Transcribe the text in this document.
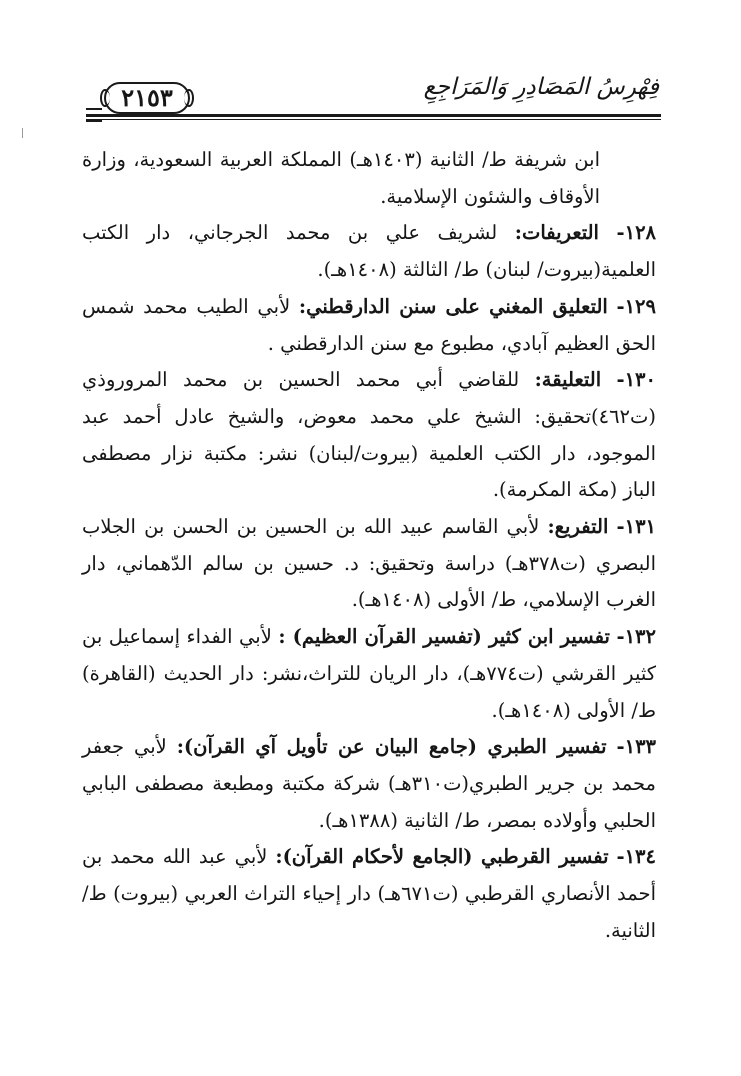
٢١٥٣	فِهْرِسُ المَصَادِرِ وَالمَرَاجِعِ

ابن شريفة ط/ الثانية (١٤٠٣هـ) المملكة العربية السعودية، وزارة الأوقاف والشئون الإسلامية.

١٢٨- التعريفات: لشريف علي بن محمد الجرجاني، دار الكتب العلمية(بيروت/ لبنان) ط/ الثالثة (١٤٠٨هـ).

١٢٩- التعليق المغني على سنن الدارقطني: لأبي الطيب محمد شمس الحق العظيم آبادي، مطبوع مع سنن الدارقطني .

١٣٠- التعليقة: للقاضي أبي محمد الحسين بن محمد المروروذي (ت٤٦٢)تحقيق: الشيخ علي محمد معوض، والشيخ عادل أحمد عبد الموجود، دار الكتب العلمية (بيروت/لبنان) نشر: مكتبة نزار مصطفى الباز (مكة المكرمة).

١٣١- التفريع: لأبي القاسم عبيد الله بن الحسين بن الحسن بن الجلاب البصري (ت٣٧٨هـ) دراسة وتحقيق: د. حسين بن سالم الدّهماني، دار الغرب الإسلامي، ط/ الأولى (١٤٠٨هـ).

١٣٢- تفسير ابن كثير (تفسير القرآن العظيم) : لأبي الفداء إسماعيل بن كثير القرشي (ت٧٧٤هـ)، دار الريان للتراث،نشر: دار الحديث (القاهرة) ط/ الأولى (١٤٠٨هـ).

١٣٣- تفسير الطبري (جامع البيان عن تأويل آي القرآن): لأبي جعفر محمد بن جرير الطبري(ت٣١٠هـ) شركة مكتبة ومطبعة مصطفى البابي الحلبي وأولاده بمصر، ط/ الثانية (١٣٨٨هـ).

١٣٤- تفسير القرطبي (الجامع لأحكام القرآن): لأبي عبد الله محمد بن أحمد الأنصاري القرطبي (ت٦٧١هـ) دار إحياء التراث العربي (بيروت) ط/ الثانية.
